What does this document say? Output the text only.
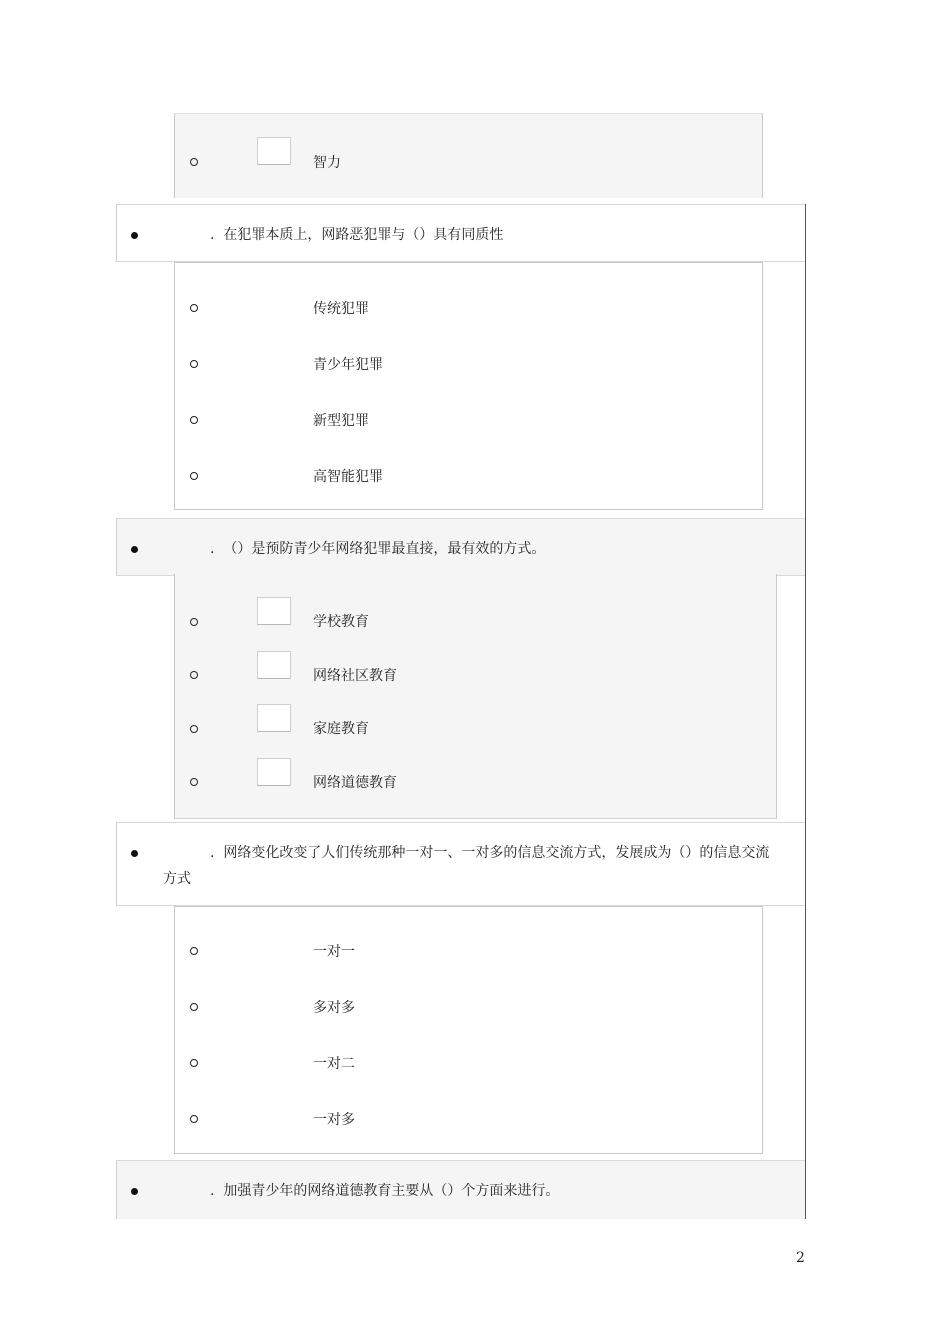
智力
. 在犯罪本质上，网路恶犯罪与（）具有同质性
传统犯罪
青少年犯罪
新型犯罪
高智能犯罪
. （）是预防青少年网络犯罪最直接，最有效的方式。
学校教育
网络社区教育
家庭教育
网络道德教育
. 网络变化改变了人们传统那种一对一、一对多的信息交流方式，发展成为（）的信息交流
方式
一对一
多对多
一对二
一对多
. 加强青少年的网络道德教育主要从（）个方面来进行。
2
